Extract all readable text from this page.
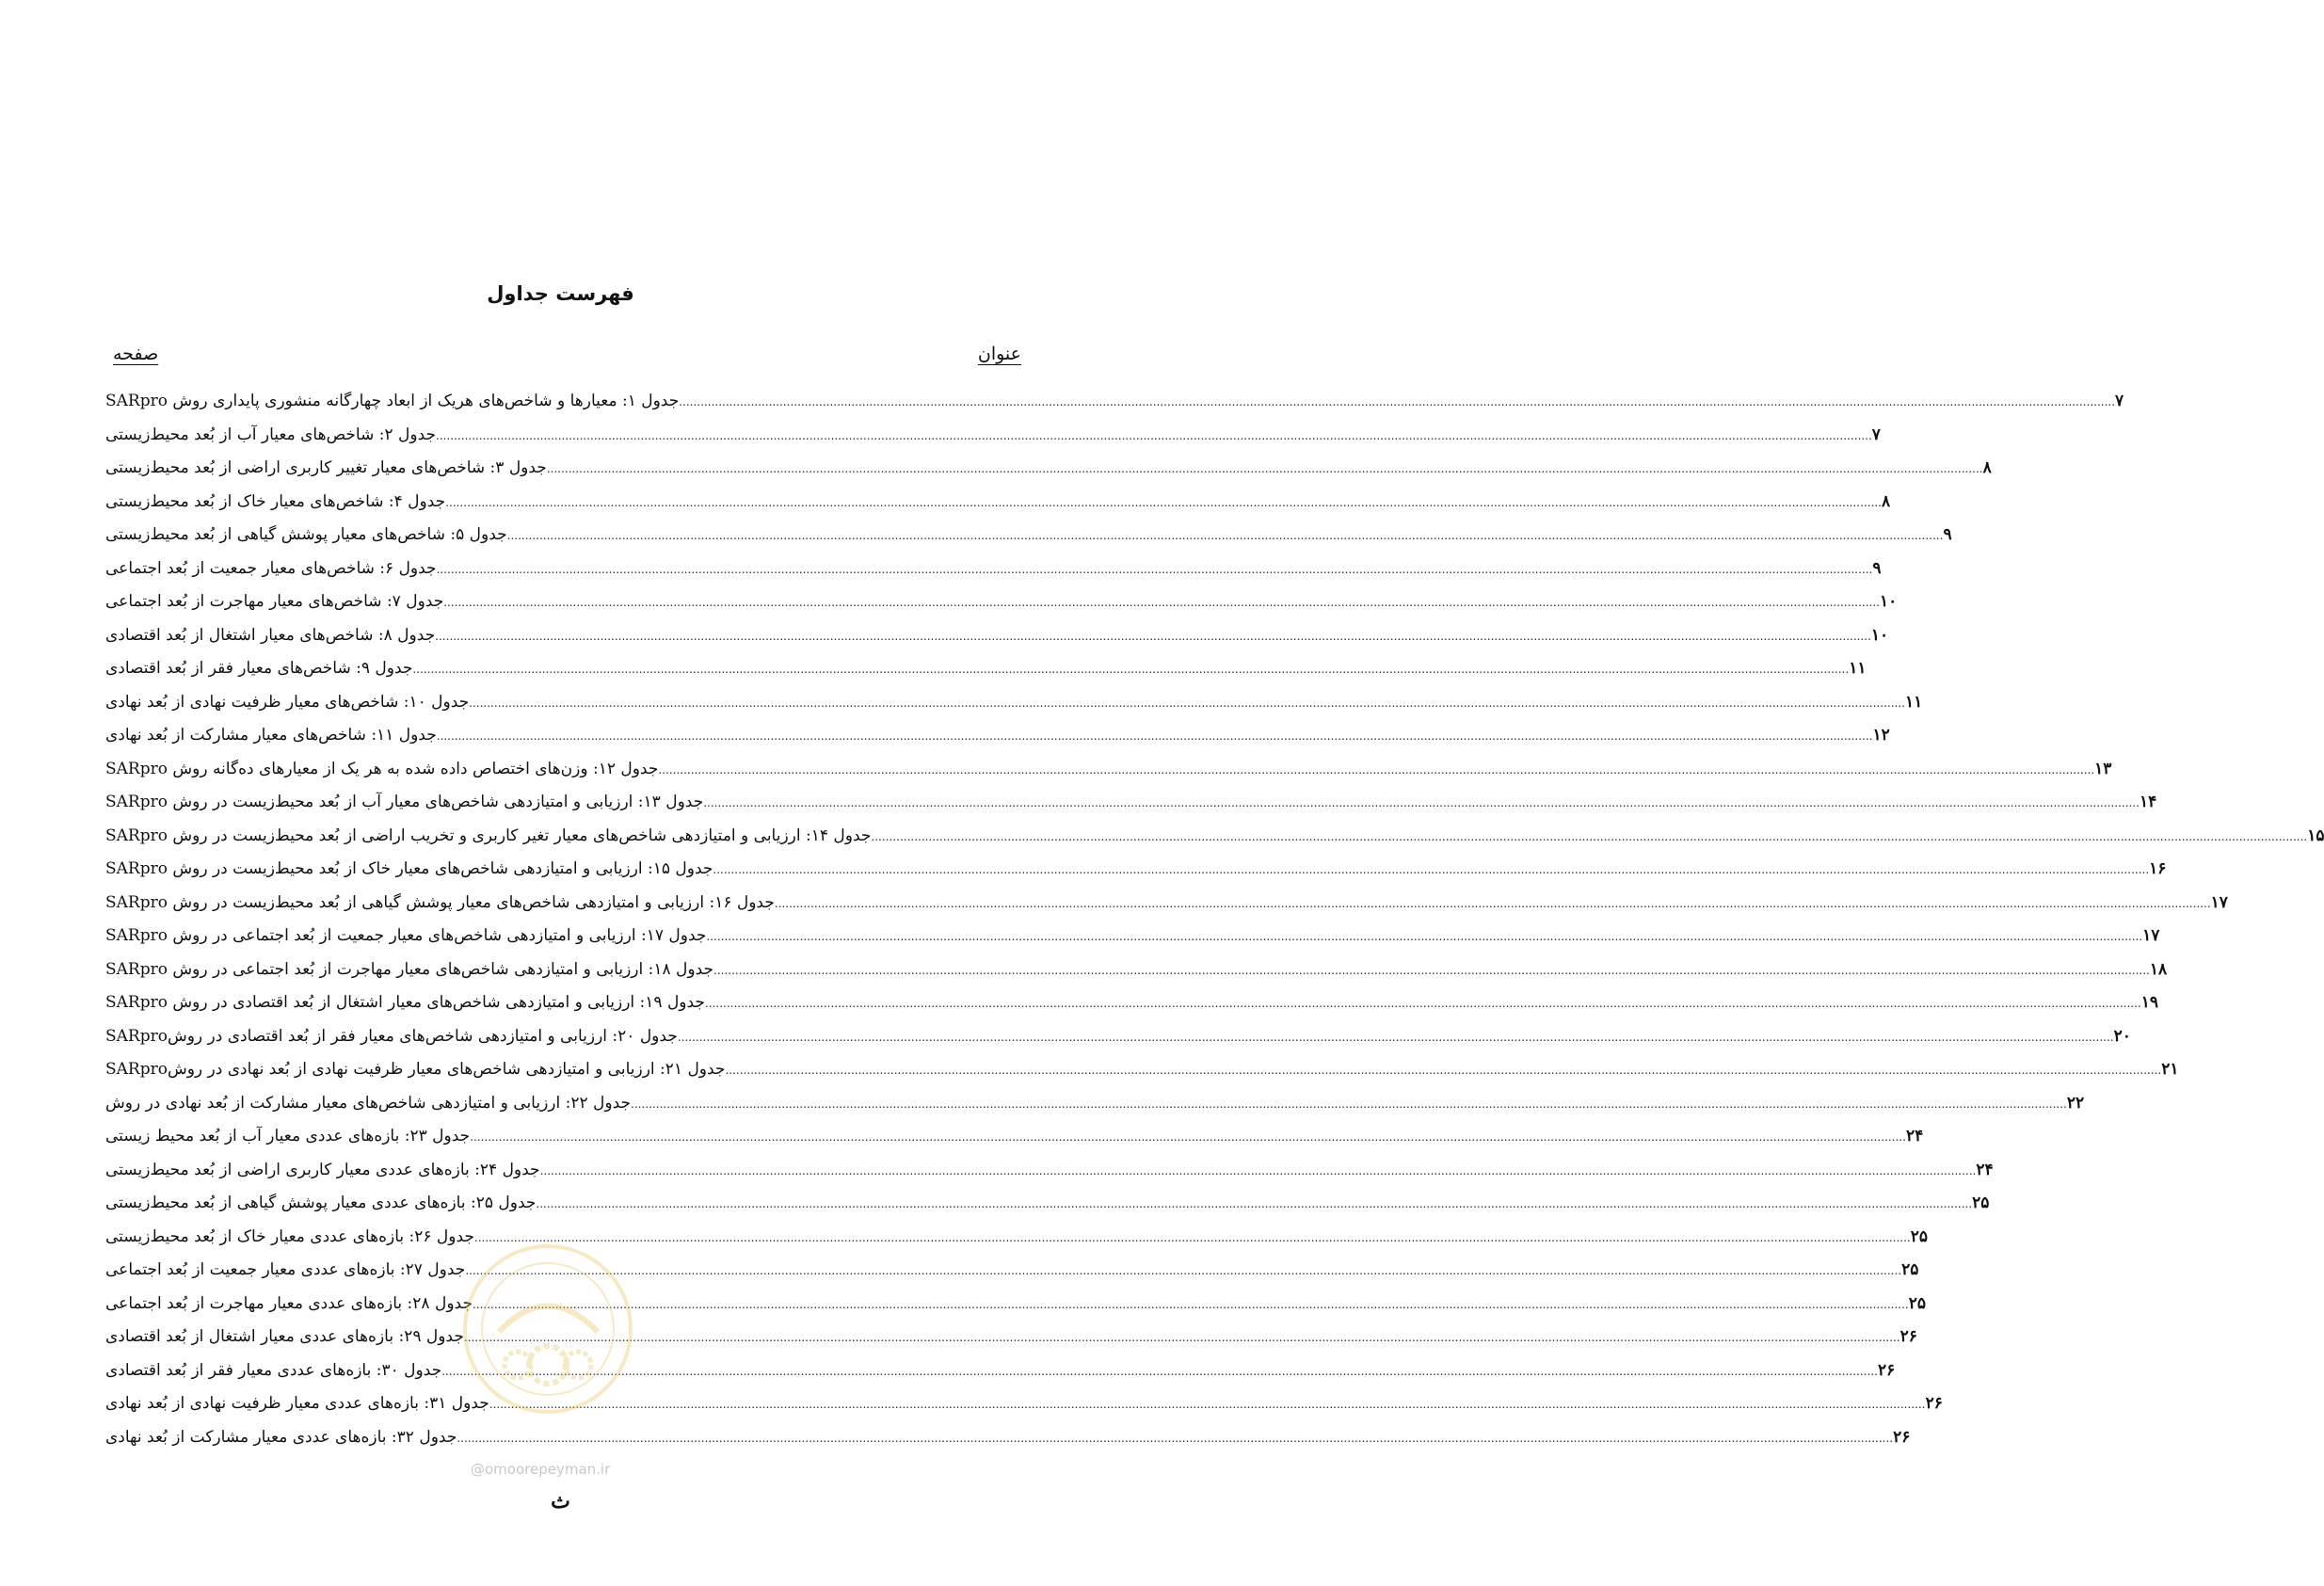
فهرست جداول
عنوان
صفحه
جدول ۱: معیارها و شاخص‌های هریک از ابعاد چهارگانه منشوری پایداری روش SARpro ................................................................................................................................................................................................................................................................................................................................................................................................................ ۷
جدول ۲: شاخص‌های معیار آب از بُعد محیط‌زیستی ................................................................................................................................................................................................................................................................................................................................................................................................................ ۷
جدول ۳: شاخص‌های معیار تغییر کاربری اراضی از بُعد محیط‌زیستی ................................................................................................................................................................................................................................................................................................................................................................................................................ ۸
جدول ۴: شاخص‌های معیار خاک از بُعد محیط‌زیستی ................................................................................................................................................................................................................................................................................................................................................................................................................ ۸
جدول ۵: شاخص‌های معیار پوشش گیاهی از بُعد محیط‌زیستی ................................................................................................................................................................................................................................................................................................................................................................................................................ ۹
جدول ۶: شاخص‌های معیار جمعیت از بُعد اجتماعی ................................................................................................................................................................................................................................................................................................................................................................................................................ ۹
جدول ۷: شاخص‌های معیار مهاجرت از بُعد اجتماعی ................................................................................................................................................................................................................................................................................................................................................................................................................ ۱۰
جدول ۸: شاخص‌های معیار اشتغال از بُعد اقتصادی ................................................................................................................................................................................................................................................................................................................................................................................................................ ۱۰
جدول ۹: شاخص‌های معیار فقر از بُعد اقتصادی ................................................................................................................................................................................................................................................................................................................................................................................................................ ۱۱
جدول ۱۰: شاخص‌های معیار ظرفیت نهادی از بُعد نهادی ................................................................................................................................................................................................................................................................................................................................................................................................................ ۱۱
جدول ۱۱: شاخص‌های معیار مشارکت از بُعد نهادی ................................................................................................................................................................................................................................................................................................................................................................................................................ ۱۲
جدول ۱۲: وزن‌های اختصاص داده شده به هر یک از معیارهای ده‌گانه روش SARpro ................................................................................................................................................................................................................................................................................................................................................................................................................ ۱۳
جدول ۱۳: ارزیابی و امتیازدهی شاخص‌های معیار آب از بُعد محیط‌زیست در روش SARpro ................................................................................................................................................................................................................................................................................................................................................................................................................ ۱۴
جدول ۱۴: ارزیابی و امتیازدهی شاخص‌های معیار تغیر کاربری و تخریب اراضی از بُعد محیط‌زیست در روش SARpro ................................................................................................................................................................................................................................................................................................................................................................................................................ ۱۵
جدول ۱۵: ارزیابی و امتیازدهی شاخص‌های معیار خاک از بُعد محیط‌زیست در روش SARpro ................................................................................................................................................................................................................................................................................................................................................................................................................ ۱۶
جدول ۱۶: ارزیابی و امتیازدهی شاخص‌های معیار پوشش گیاهی از بُعد محیط‌زیست در روش SARpro ................................................................................................................................................................................................................................................................................................................................................................................................................ ۱۷
جدول ۱۷: ارزیابی و امتیازدهی شاخص‌های معیار جمعیت از بُعد اجتماعی در روش SARpro ................................................................................................................................................................................................................................................................................................................................................................................................................ ۱۷
جدول ۱۸: ارزیابی و امتیازدهی شاخص‌های معیار مهاجرت از بُعد اجتماعی در روش SARpro ................................................................................................................................................................................................................................................................................................................................................................................................................ ۱۸
جدول ۱۹: ارزیابی و امتیازدهی شاخص‌های معیار اشتغال از بُعد اقتصادی در روش SARpro ................................................................................................................................................................................................................................................................................................................................................................................................................ ۱۹
جدول ۲۰: ارزیابی و امتیازدهی شاخص‌های معیار فقر از بُعد اقتصادی در روشSARpro ................................................................................................................................................................................................................................................................................................................................................................................................................ ۲۰
جدول ۲۱: ارزیابی و امتیازدهی شاخص‌های معیار ظرفیت نهادی از بُعد نهادی در روشSARpro ................................................................................................................................................................................................................................................................................................................................................................................................................ ۲۱
جدول ۲۲: ارزیابی و امتیازدهی شاخص‌های معیار مشارکت از بُعد نهادی در روش ................................................................................................................................................................................................................................................................................................................................................................................................................ ۲۲
جدول ۲۳: بازه‌های عددی معیار آب از بُعد محیط زیستی ................................................................................................................................................................................................................................................................................................................................................................................................................ ۲۴
جدول ۲۴: بازه‌های عددی معیار کاربری اراضی از بُعد محیط‌زیستی ................................................................................................................................................................................................................................................................................................................................................................................................................ ۲۴
جدول ۲۵: بازه‌های عددی معیار پوشش گیاهی از بُعد محیط‌زیستی ................................................................................................................................................................................................................................................................................................................................................................................................................ ۲۵
جدول ۲۶: بازه‌های عددی معیار خاک از بُعد محیط‌زیستی ................................................................................................................................................................................................................................................................................................................................................................................................................ ۲۵
جدول ۲۷: بازه‌های عددی معیار جمعیت از بُعد اجتماعی ................................................................................................................................................................................................................................................................................................................................................................................................................ ۲۵
جدول ۲۸: بازه‌های عددی معیار مهاجرت از بُعد اجتماعی ................................................................................................................................................................................................................................................................................................................................................................................................................ ۲۵
جدول ۲۹: بازه‌های عددی معیار اشتغال از بُعد اقتصادی ................................................................................................................................................................................................................................................................................................................................................................................................................ ۲۶
جدول ۳۰: بازه‌های عددی معیار فقر از بُعد اقتصادی ................................................................................................................................................................................................................................................................................................................................................................................................................ ۲۶
جدول ۳۱: بازه‌های عددی معیار ظرفیت نهادی از بُعد نهادی ................................................................................................................................................................................................................................................................................................................................................................................................................ ۲۶
جدول ۳۲: بازه‌های عددی معیار مشارکت از بُعد نهادی ................................................................................................................................................................................................................................................................................................................................................................................................................ ۲۶
@omoorepeyman.ir
ث
